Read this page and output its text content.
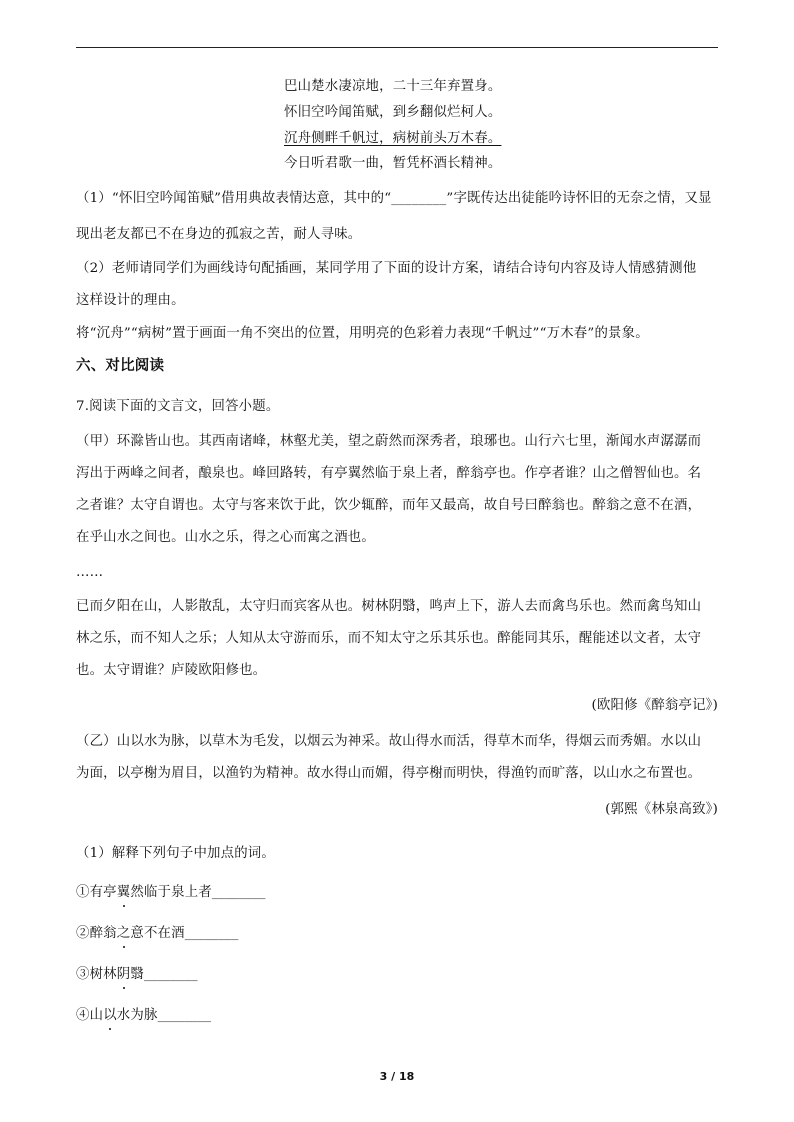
巴山楚水凄凉地，二十三年弃置身。
怀旧空吟闻笛赋，到乡翻似烂柯人。
沉舟侧畔千帆过，病树前头万木春。
今日听君歌一曲，暂凭杯酒长精神。
（1）“怀旧空吟闻笛赋”借用典故表情达意，其中的“________”字既传达出徒能吟诗怀旧的无奈之情，又显
现出老友都已不在身边的孤寂之苦，耐人寻味。
（2）老师请同学们为画线诗句配插画，某同学用了下面的设计方案，请结合诗句内容及诗人情感猜测他
这样设计的理由。
将“沉舟”“病树”置于画面一角不突出的位置，用明亮的色彩着力表现“千帆过”“万木春”的景象。
六、对比阅读
7.阅读下面的文言文，回答小题。
（甲）环滁皆山也。其西南诸峰，林壑尤美，望之蔚然而深秀者，琅琊也。山行六七里，渐闻水声潺潺而
泻出于两峰之间者，酿泉也。峰回路转，有亭翼然临于泉上者，醉翁亭也。作亭者谁？山之僧智仙也。名
之者谁？太守自谓也。太守与客来饮于此，饮少辄醉，而年又最高，故自号曰醉翁也。醉翁之意不在酒，
在乎山水之间也。山水之乐，得之心而寓之酒也。
……
已而夕阳在山，人影散乱，太守归而宾客从也。树林阴翳，鸣声上下，游人去而禽鸟乐也。然而禽鸟知山
林之乐，而不知人之乐；人知从太守游而乐，而不知太守之乐其乐也。醉能同其乐，醒能述以文者，太守
也。太守谓谁？庐陵欧阳修也。
(欧阳修《醉翁亭记》)
（乙）山以水为脉，以草木为毛发，以烟云为神采。故山得水而活，得草木而华，得烟云而秀媚。水以山
为面，以亭榭为眉目，以渔钓为精神。故水得山而媚，得亭榭而明快，得渔钓而旷落，以山水之布置也。
(郭熙《林泉高致》)
（1）解释下列句子中加点的词。
①有亭翼然临于泉上者________
②醉翁之意不在酒________
③树林阴翳________
④山以水为脉________
3 / 18
